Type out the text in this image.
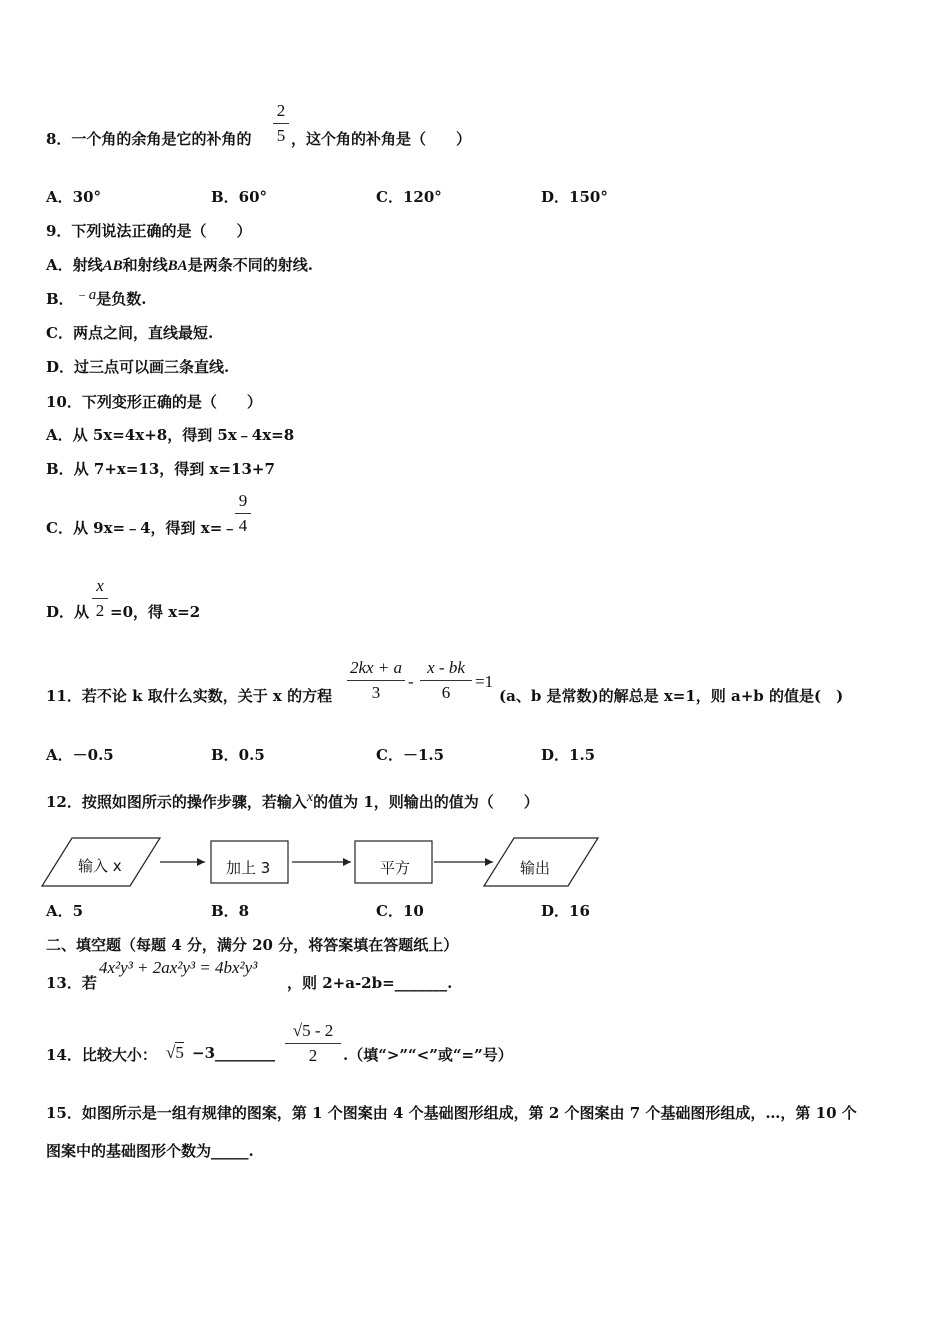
8．一个角的余角是它的补角的
2
5 ，这个角的补角是（　　）
A．30°	B．60°	C．120°	D．150°
9．下列说法正确的是（　　）
A．射线AB和射线BA是两条不同的射线.
B．﹣a是负数.
C．两点之间，直线最短.
D．过三点可以画三条直线.
10．下列变形正确的是（　　）
A．从 5x=4x+8，得到 5x﹣4x=8
B．从 7+x=13，得到 x=13+7
C．从 9x=﹣4，得到 x=﹣
9
4
D．从
x
2 =0，得 x=2
11．若不论 k 取什么实数，关于 x 的方程
2kx + a
3
-
x - bk
6
=1
(a、b 是常数)的解总是 x=1，则 a+b 的值是(　)
A．－0.5	B．0.5	C．－1.5	D．1.5
12．按照如图所示的操作步骤，若输入x的值为 1，则输出的值为（　　）
输入 x	加上 3	平方	输出
A．5	B．8	C．10	D．16
二、填空题（每题 4 分，满分 20 分，将答案填在答题纸上）
13．若
4x²y³ + 2ax²y³ = 4bx²y³
，则 2+a-2b=_______.
14．比较大小： √5 −3________
√5 - 2
2	.（填“>”“<”或“=”号）
15．如图所示是一组有规律的图案，第 1 个图案由 4 个基础图形组成，第 2 个图案由 7 个基础图形组成，…，第 10 个
图案中的基础图形个数为_____.
